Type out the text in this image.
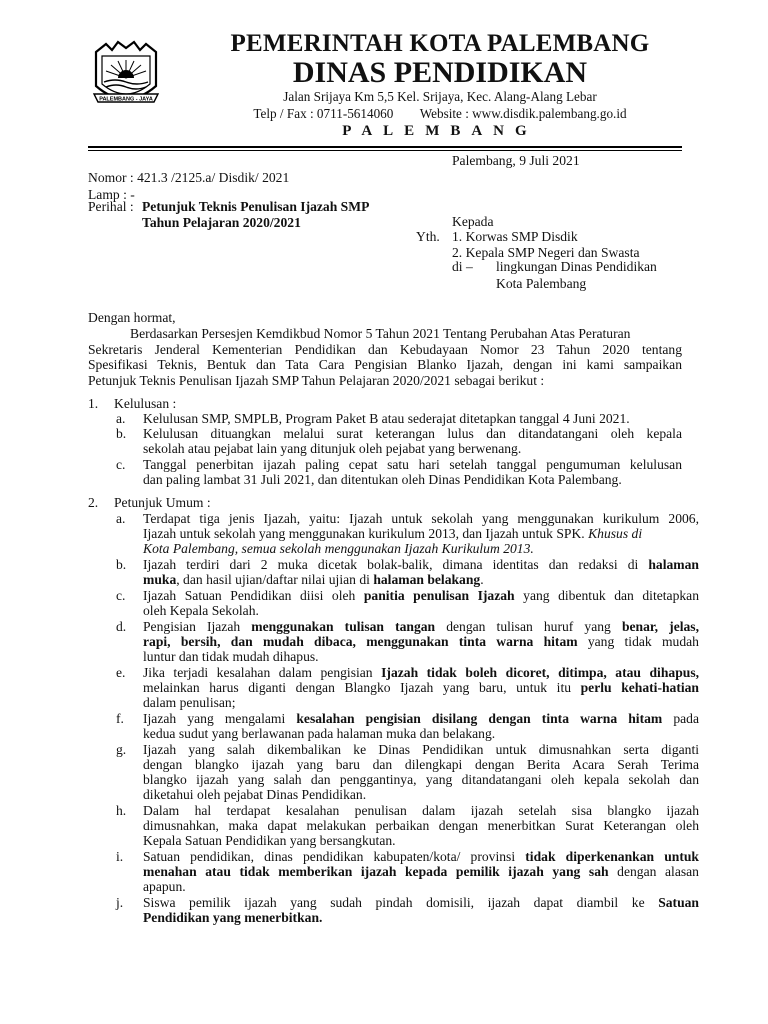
PALEMBANG - JAYA
PEMERINTAH KOTA PALEMBANG
DINAS PENDIDIKAN
Jalan Srijaya Km 5,5 Kel. Srijaya, Kec. Alang-Alang Lebar
Telp / Fax : 0711-5614060 Website : www.disdik.palembang.go.id
PALEMBANG
Palembang, 9 Juli 2021
Nomor : 421.3 /2125.a/ Disdik/ 2021
Lamp : -
Perihal : Petunjuk Teknis Penulisan Ijazah SMP
Tahun Pelajaran 2020/2021	Kepada
Yth. 1. Korwas SMP Disdik
2. Kepala SMP Negeri dan Swasta
di – lingkungan Dinas Pendidikan
Kota Palembang
Dengan hormat,
Berdasarkan Persesjen Kemdikbud Nomor 5 Tahun 2021 Tentang Perubahan Atas Peraturan
Sekretaris Jenderal Kementerian Pendidikan dan Kebudayaan Nomor 23 Tahun 2020 tentang
Spesifikasi Teknis, Bentuk dan Tata Cara Pengisian Blanko Ijazah, dengan ini kami sampaikan
Petunjuk Teknis Penulisan Ijazah SMP Tahun Pelajaran 2020/2021 sebagai berikut :
1. Kelulusan :
a. Kelulusan SMP, SMPLB, Program Paket B atau sederajat ditetapkan tanggal 4 Juni 2021.
b. Kelulusan dituangkan melalui surat keterangan lulus dan ditandatangani oleh kepala
sekolah atau pejabat lain yang ditunjuk oleh pejabat yang berwenang.
c. Tanggal penerbitan ijazah paling cepat satu hari setelah tanggal pengumuman kelulusan
dan paling lambat 31 Juli 2021, dan ditentukan oleh Dinas Pendidikan Kota Palembang.
2. Petunjuk Umum :
a. Terdapat tiga jenis Ijazah, yaitu: Ijazah untuk sekolah yang menggunakan kurikulum 2006,
Ijazah untuk sekolah yang menggunakan kurikulum 2013, dan Ijazah untuk SPK. Khusus di
Kota Palembang, semua sekolah menggunakan Ijazah Kurikulum 2013.
b. Ijazah terdiri dari 2 muka dicetak bolak-balik, dimana identitas dan redaksi di halaman
muka, dan hasil ujian/daftar nilai ujian di halaman belakang.
c. Ijazah Satuan Pendidikan diisi oleh panitia penulisan Ijazah yang dibentuk dan ditetapkan
oleh Kepala Sekolah.
d. Pengisian Ijazah menggunakan tulisan tangan dengan tulisan huruf yang benar, jelas,
rapi, bersih, dan mudah dibaca, menggunakan tinta warna hitam yang tidak mudah
luntur dan tidak mudah dihapus.
e. Jika terjadi kesalahan dalam pengisian Ijazah tidak boleh dicoret, ditimpa, atau dihapus,
melainkan harus diganti dengan Blangko Ijazah yang baru, untuk itu perlu kehati-hatian
dalam penulisan;
f. Ijazah yang mengalami kesalahan pengisian disilang dengan tinta warna hitam pada
kedua sudut yang berlawanan pada halaman muka dan belakang.
g. Ijazah yang salah dikembalikan ke Dinas Pendidikan untuk dimusnahkan serta diganti
dengan blangko ijazah yang baru dan dilengkapi dengan Berita Acara Serah Terima
blangko ijazah yang salah dan penggantinya, yang ditandatangani oleh kepala sekolah dan
diketahui oleh pejabat Dinas Pendidikan.
h. Dalam hal terdapat kesalahan penulisan dalam ijazah setelah sisa blangko ijazah
dimusnahkan, maka dapat melakukan perbaikan dengan menerbitkan Surat Keterangan oleh
Kepala Satuan Pendidikan yang bersangkutan.
i. Satuan pendidikan, dinas pendidikan kabupaten/kota/ provinsi tidak diperkenankan untuk
menahan atau tidak memberikan ijazah kepada pemilik ijazah yang sah dengan alasan
apapun.
j. Siswa pemilik ijazah yang sudah pindah domisili, ijazah dapat diambil ke Satuan
Pendidikan yang menerbitkan.
